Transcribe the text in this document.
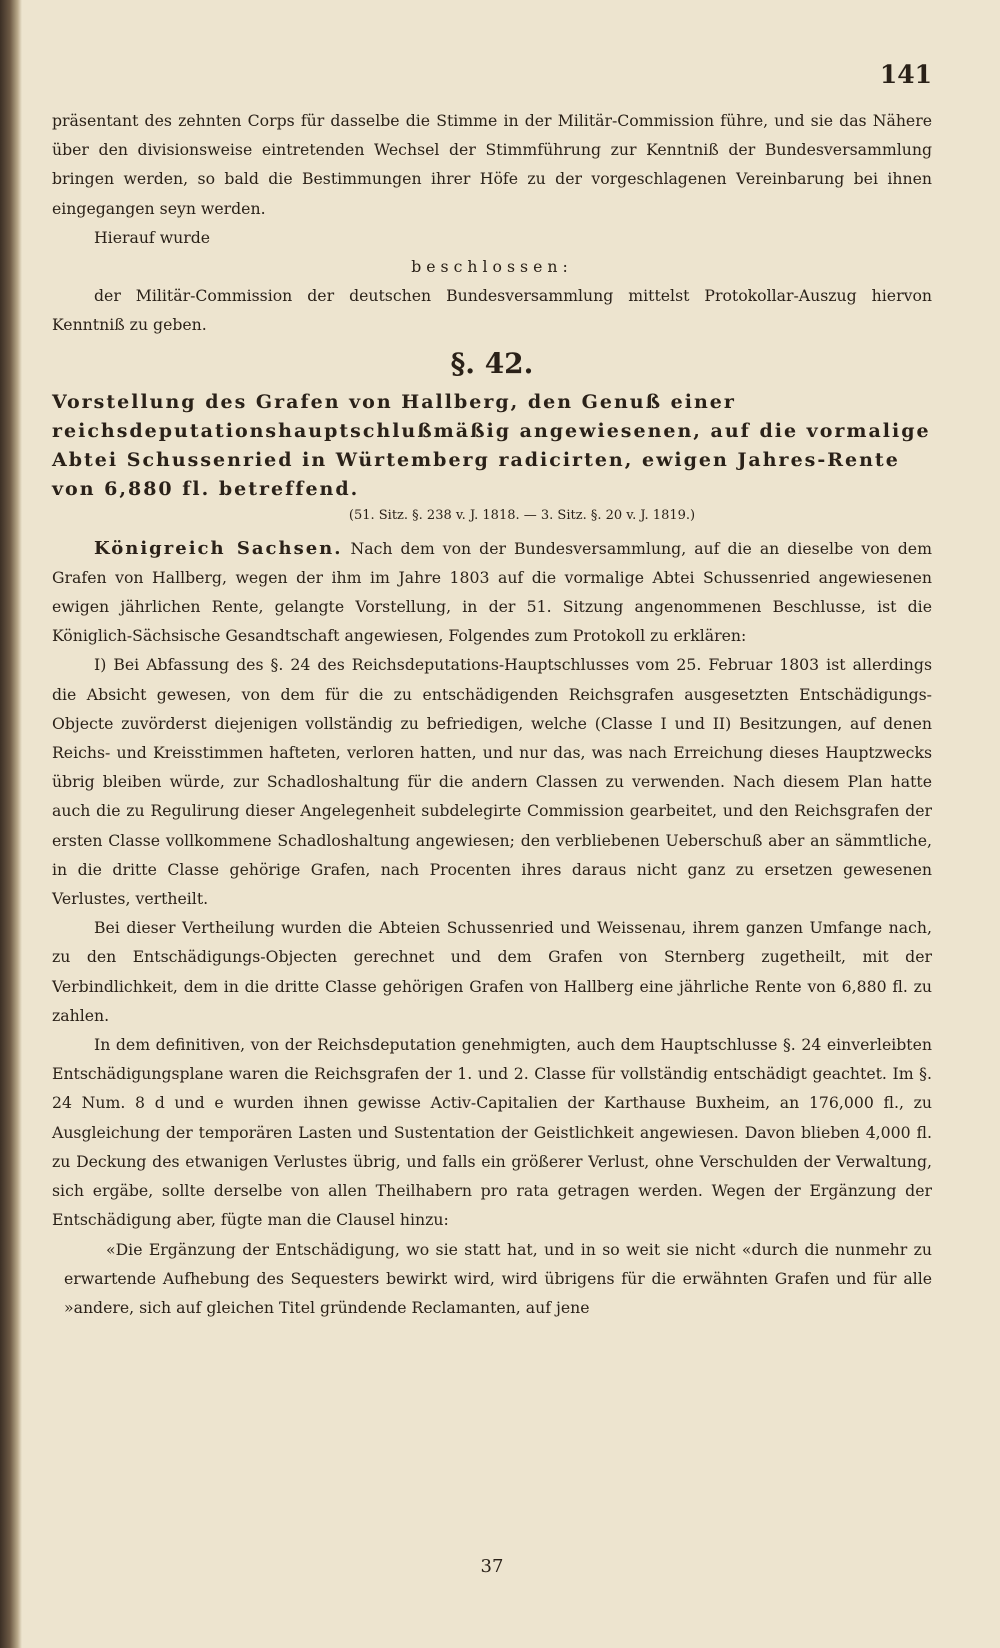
141

präsentant des zehnten Corps für dasselbe die Stimme in der Militär-Commission führe, und sie das Nähere über den divisionsweise eintretenden Wechsel der Stimmführung zur Kenntniß der Bundesversammlung bringen werden, so bald die Bestimmungen ihrer Höfe zu der vorgeschlagenen Vereinbarung bei ihnen eingegangen seyn werden.

Hierauf wurde

beschlossen:

der Militär-Commission der deutschen Bundesversammlung mittelst Protokollar-Auszug hiervon Kenntniß zu geben.

§. 42.

Vorstellung des Grafen von Hallberg, den Genuß einer reichsdeputationshauptschlußmäßig angewiesenen, auf die vormalige Abtei Schussenried in Würtemberg radicirten, ewigen Jahres-Rente von 6,880 fl. betreffend.

(51. Sitz. §. 238 v. J. 1818. — 3. Sitz. §. 20 v. J. 1819.)

Königreich Sachsen. Nach dem von der Bundesversammlung, auf die an dieselbe von dem Grafen von Hallberg, wegen der ihm im Jahre 1803 auf die vormalige Abtei Schussenried angewiesenen ewigen jährlichen Rente, gelangte Vorstellung, in der 51. Sitzung angenommenen Beschlusse, ist die Königlich-Sächsische Gesandtschaft angewiesen, Folgendes zum Protokoll zu erklären:

I) Bei Abfassung des §. 24 des Reichsdeputations-Hauptschlusses vom 25. Februar 1803 ist allerdings die Absicht gewesen, von dem für die zu entschädigenden Reichsgrafen ausgesetzten Entschädigungs-Objecte zuvörderst diejenigen vollständig zu befriedigen, welche (Classe I und II) Besitzungen, auf denen Reichs- und Kreisstimmen hafteten, verloren hatten, und nur das, was nach Erreichung dieses Hauptzwecks übrig bleiben würde, zur Schadloshaltung für die andern Classen zu verwenden. Nach diesem Plan hatte auch die zu Regulirung dieser Angelegenheit subdelegirte Commission gearbeitet, und den Reichsgrafen der ersten Classe vollkommene Schadloshaltung angewiesen; den verbliebenen Ueberschuß aber an sämmtliche, in die dritte Classe gehörige Grafen, nach Procenten ihres daraus nicht ganz zu ersetzen gewesenen Verlustes, vertheilt.

Bei dieser Vertheilung wurden die Abteien Schussenried und Weissenau, ihrem ganzen Umfange nach, zu den Entschädigungs-Objecten gerechnet und dem Grafen von Sternberg zugetheilt, mit der Verbindlichkeit, dem in die dritte Classe gehörigen Grafen von Hallberg eine jährliche Rente von 6,880 fl. zu zahlen.

In dem definitiven, von der Reichsdeputation genehmigten, auch dem Hauptschlusse §. 24 einverleibten Entschädigungsplane waren die Reichsgrafen der 1. und 2. Classe für vollständig entschädigt geachtet. Im §. 24 Num. 8 d und e wurden ihnen gewisse Activ-Capitalien der Karthause Buxheim, an 176,000 fl., zu Ausgleichung der temporären Lasten und Sustentation der Geistlichkeit angewiesen. Davon blieben 4,000 fl. zu Deckung des etwanigen Verlustes übrig, und falls ein größerer Verlust, ohne Verschulden der Verwaltung, sich ergäbe, sollte derselbe von allen Theilhabern pro rata getragen werden. Wegen der Ergänzung der Entschädigung aber, fügte man die Clausel hinzu:

«Die Ergänzung der Entschädigung, wo sie statt hat, und in so weit sie nicht «durch die nunmehr zu erwartende Aufhebung des Sequesters bewirkt wird, wird übrigens für die erwähnten Grafen und für alle »andere, sich auf gleichen Titel gründende Reclamanten, auf jene

37
